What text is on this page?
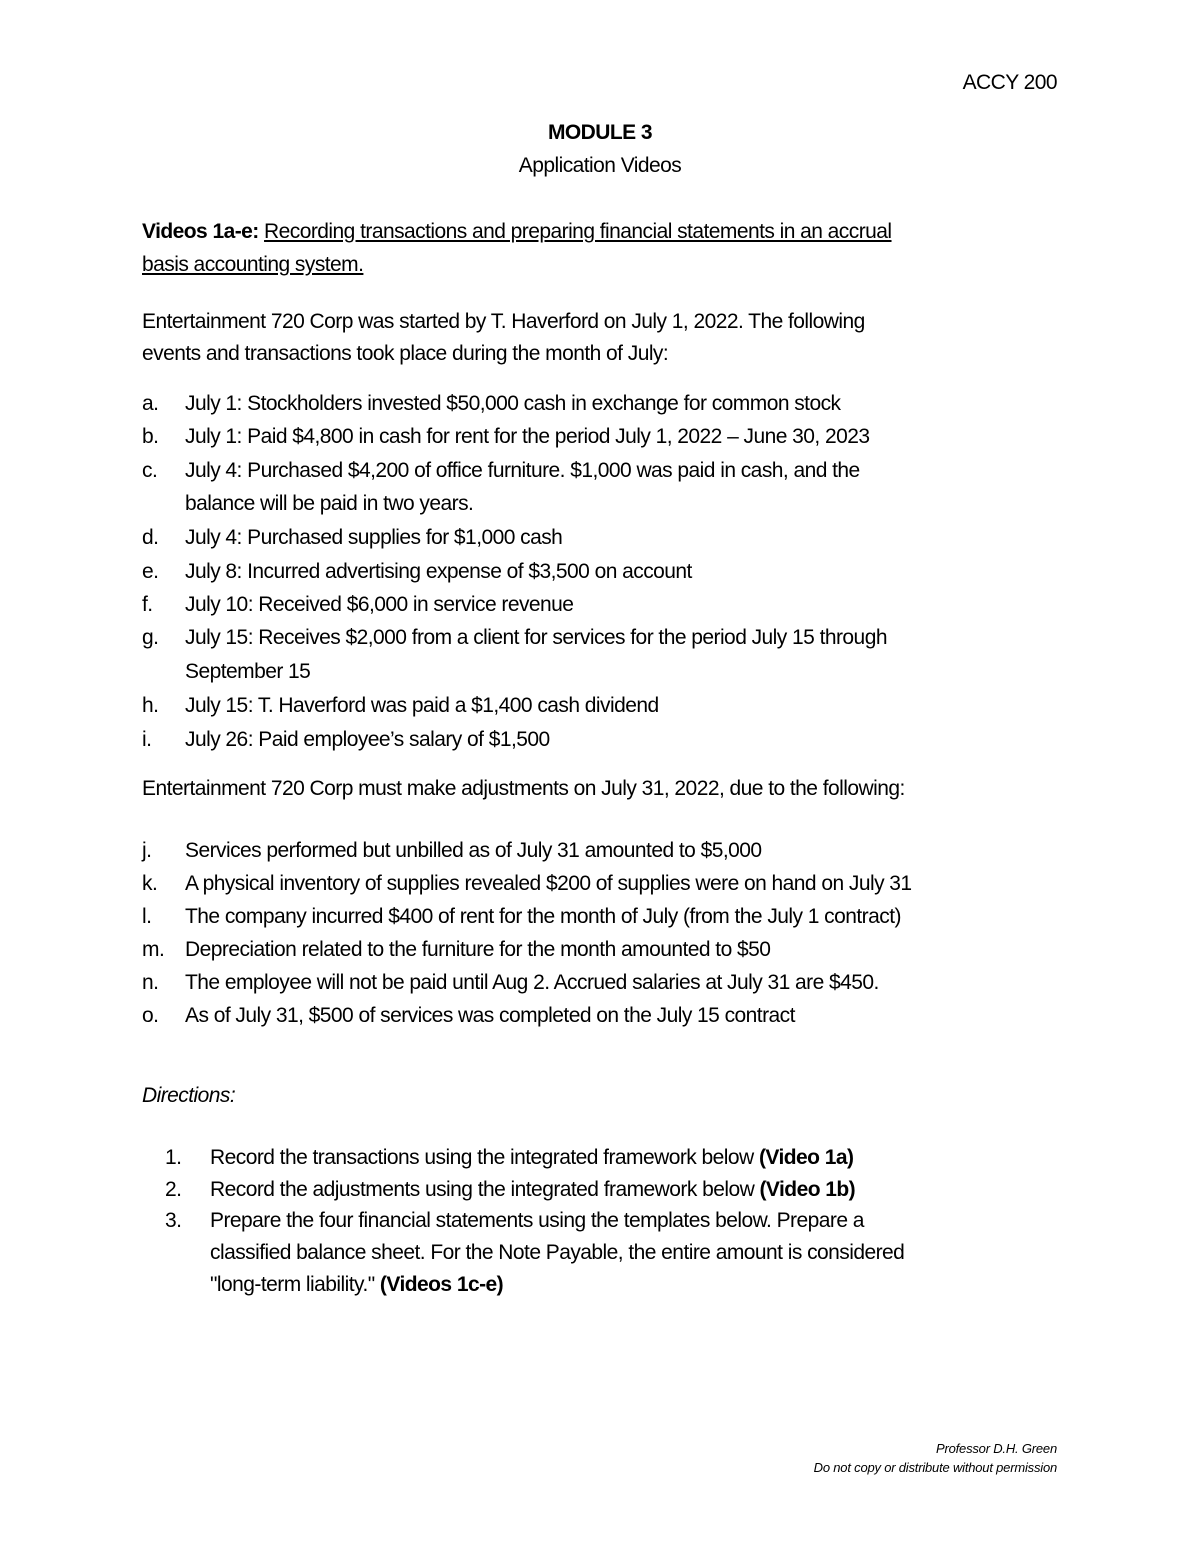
ACCY 200
MODULE 3
Application Videos
Videos 1a-e: Recording transactions and preparing financial statements in an accrual
basis accounting system.
Entertainment 720 Corp was started by T. Haverford on July 1, 2022. The following
events and transactions took place during the month of July:
a. July 1: Stockholders invested $50,000 cash in exchange for common stock
b. July 1: Paid $4,800 in cash for rent for the period July 1, 2022 – June 30, 2023
c. July 4: Purchased $4,200 of office furniture. $1,000 was paid in cash, and the
balance will be paid in two years.
d. July 4: Purchased supplies for $1,000 cash
e. July 8: Incurred advertising expense of $3,500 on account
f. July 10: Received $6,000 in service revenue
g. July 15: Receives $2,000 from a client for services for the period July 15 through
September 15
h. July 15: T. Haverford was paid a $1,400 cash dividend
i. July 26: Paid employee’s salary of $1,500
Entertainment 720 Corp must make adjustments on July 31, 2022, due to the following:
j. Services performed but unbilled as of July 31 amounted to $5,000
k. A physical inventory of supplies revealed $200 of supplies were on hand on July 31
l. The company incurred $400 of rent for the month of July (from the July 1 contract)
m. Depreciation related to the furniture for the month amounted to $50
n. The employee will not be paid until Aug 2. Accrued salaries at July 31 are $450.
o. As of July 31, $500 of services was completed on the July 15 contract
Directions:
1. Record the transactions using the integrated framework below (Video 1a)
2. Record the adjustments using the integrated framework below (Video 1b)
3. Prepare the four financial statements using the templates below. Prepare a
classified balance sheet. For the Note Payable, the entire amount is considered
"long-term liability." (Videos 1c-e)
Professor D.H. Green
Do not copy or distribute without permission
